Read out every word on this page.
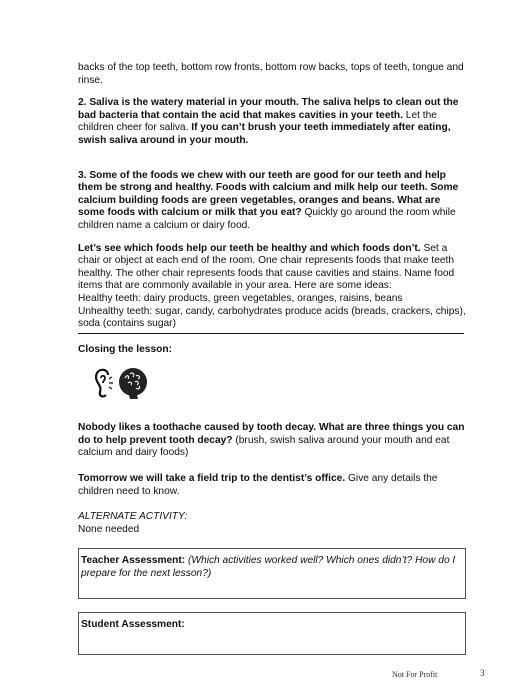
backs of the top teeth, bottom row fronts, bottom row backs, tops of teeth, tongue and rinse.

2. Saliva is the watery material in your mouth. The saliva helps to clean out the bad bacteria that contain the acid that makes cavities in your teeth. Let the children cheer for saliva. If you can’t brush your teeth immediately after eating, swish saliva around in your mouth.

3. Some of the foods we chew with our teeth are good for our teeth and help them be strong and healthy. Foods with calcium and milk help our teeth. Some calcium building foods are green vegetables, oranges and beans. What are some foods with calcium or milk that you eat? Quickly go around the room while children name a calcium or dairy food.

Let’s see which foods help our teeth be healthy and which foods don’t. Set a chair or object at each end of the room. One chair represents foods that make teeth healthy. The other chair represents foods that cause cavities and stains. Name food items that are commonly available in your area. Here are some ideas:

Healthy teeth: dairy products, green vegetables, oranges, raisins, beans

Unhealthy teeth: sugar, candy, carbohydrates produce acids (breads, crackers, chips), soda (contains sugar)

Closing the lesson:

Nobody likes a toothache caused by tooth decay. What are three things you can do to help prevent tooth decay? (brush, swish saliva around your mouth and eat calcium and dairy foods)

Tomorrow we will take a field trip to the dentist’s office. Give any details the children need to know.

ALTERNATE ACTIVITY:

None needed

Teacher Assessment: (Which activities worked well? Which ones didn’t? How do I prepare for the next lesson?)

Student Assessment:

Not For Profit	3
